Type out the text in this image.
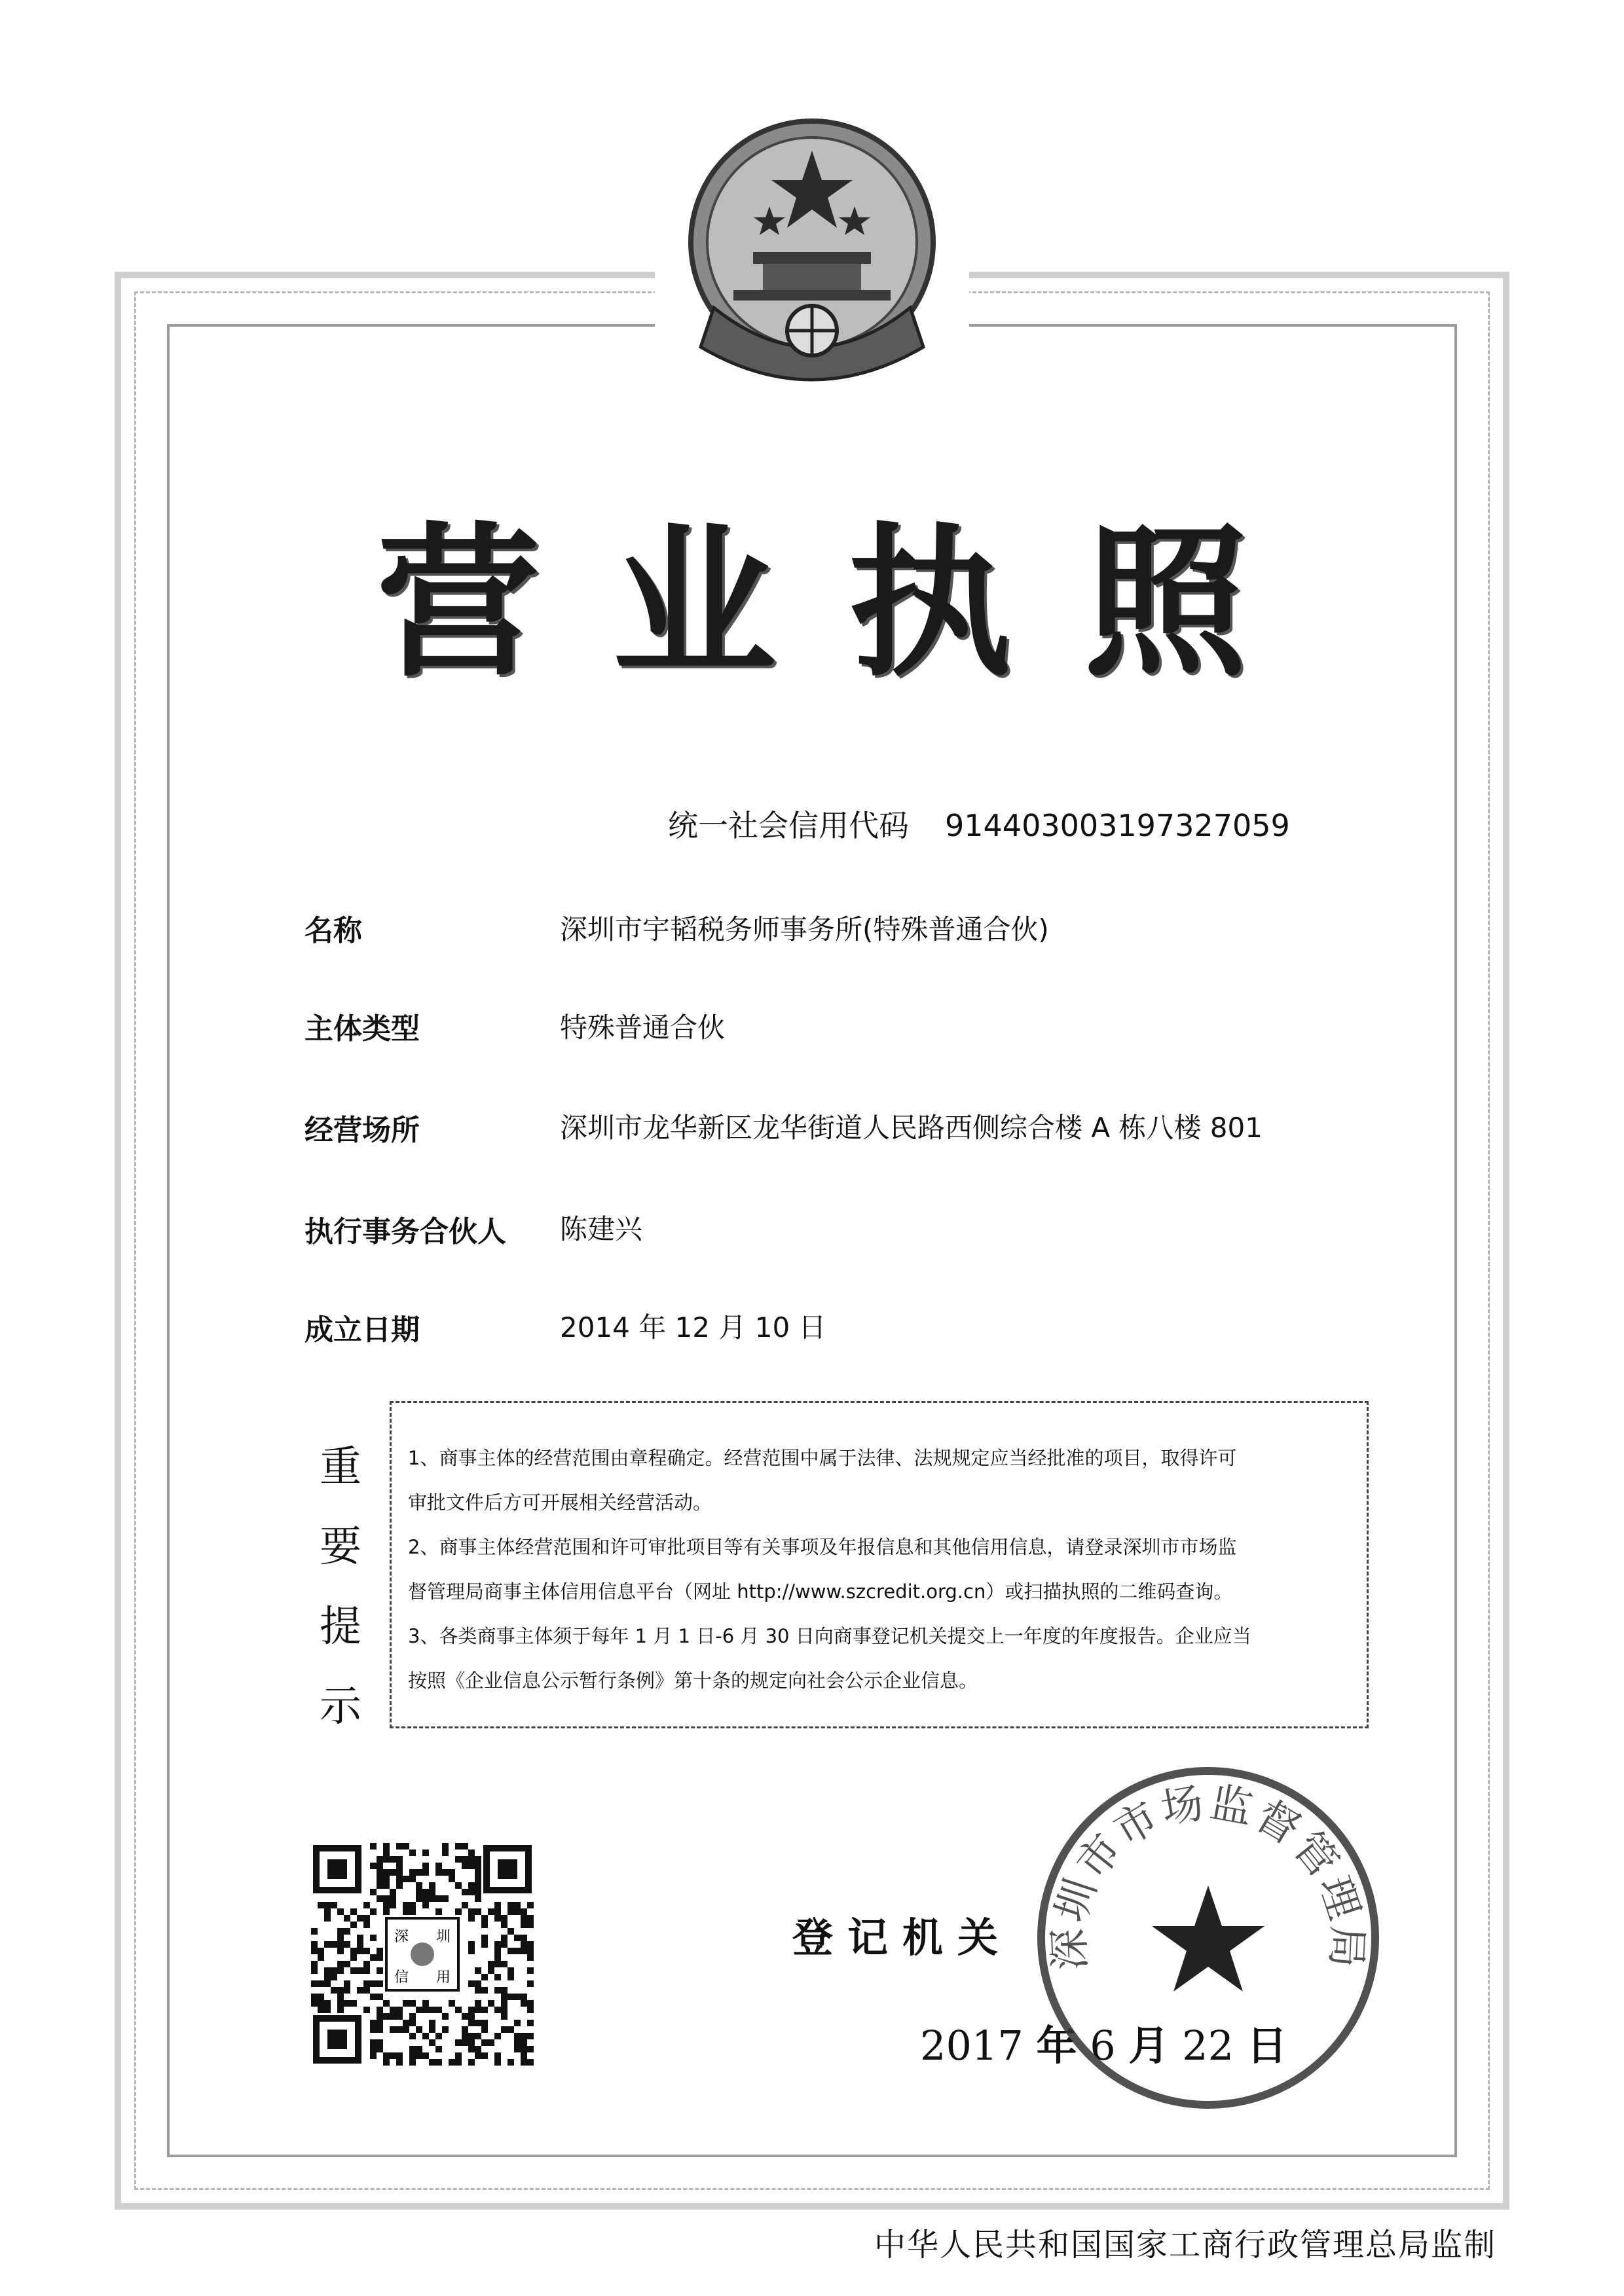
营业执照
统一社会信用代码 914403003197327059
名称	深圳市宇韬税务师事务所(特殊普通合伙)
主体类型	特殊普通合伙
经营场所	深圳市龙华新区龙华街道人民路西侧综合楼 A 栋八楼 801
执行事务合伙人 陈建兴
成立日期	2014 年 12 月 10 日
重
要
提
示

1、商事主体的经营范围由章程确定。经营范围中属于法律、法规规定应当经批准的项目，取得许可

审批文件后方可开展相关经营活动。

2、商事主体经营范围和许可审批项目等有关事项及年报信息和其他信用信息，请登录深圳市市场监

督管理局商事主体信用信息平台（网址 http://www.szcredit.org.cn）或扫描执照的二维码查询。

3、各类商事主体须于每年 1 月 1 日-6 月 30 日向商事登记机关提交上一年度的年度报告。企业应当

按照《企业信息公示暂行条例》第十条的规定向社会公示企业信息。

深 圳
信 用
登记机关
2017 年 6 月 22 日
深圳市市场监督管理局
中华人民共和国国家工商行政管理总局监制
